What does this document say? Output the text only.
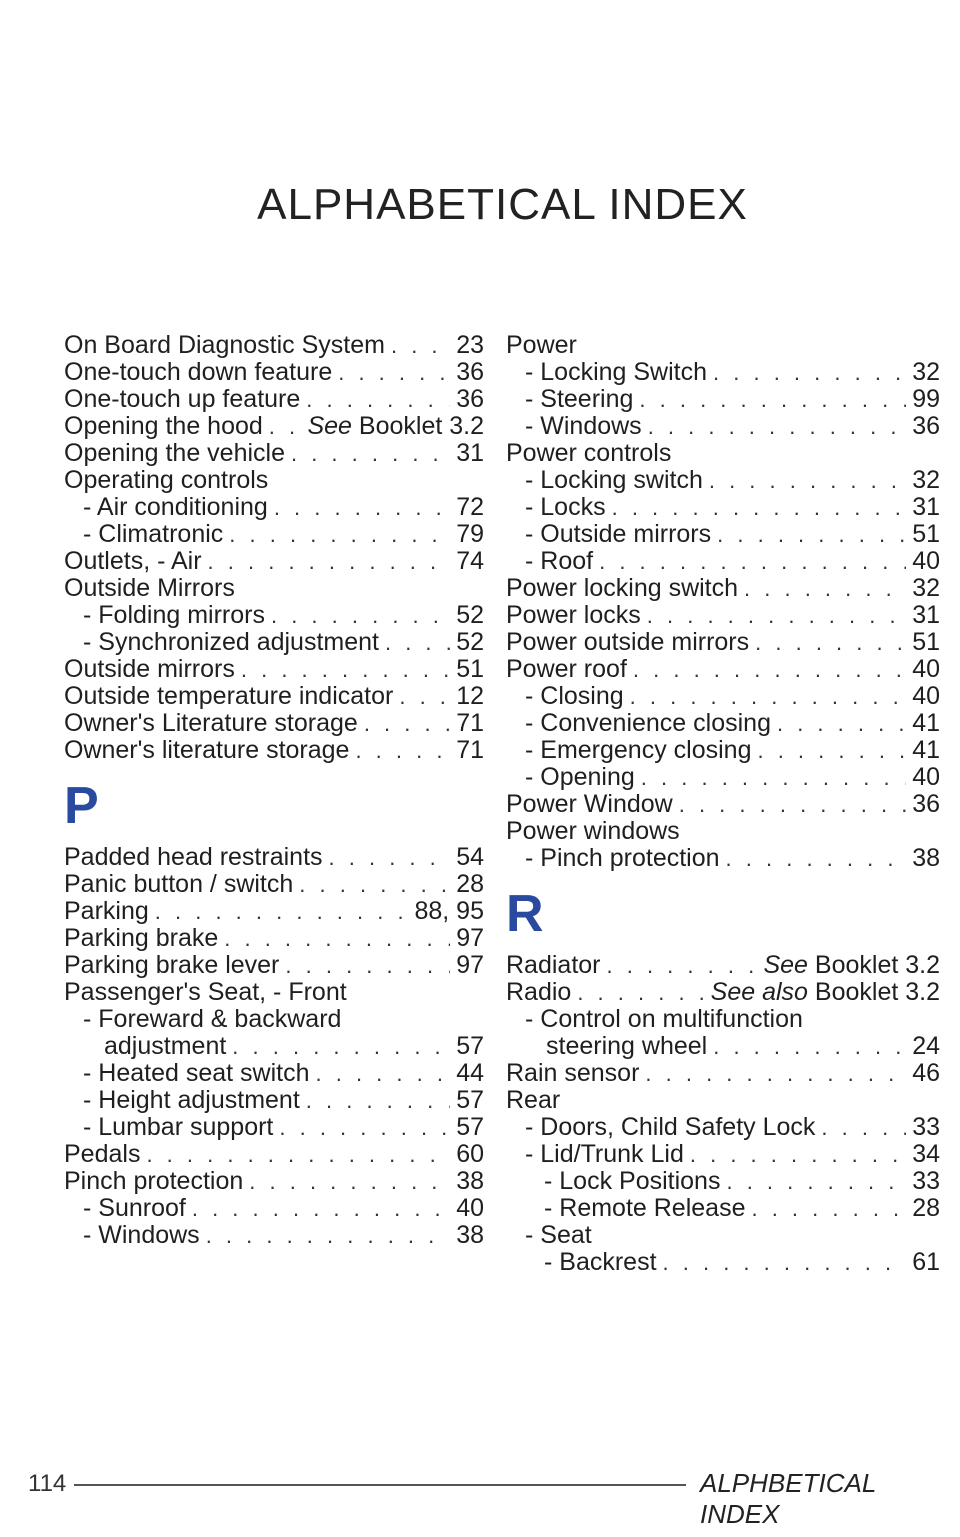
ALPHABETICAL INDEX
On Board Diagnostic System . . .	23
One-touch down feature . . .	36
One-touch up feature . . .	36
Opening the hood . . . See Booklet 3.2
Opening the vehicle . . .	31
Operating controls
- Air conditioning . . .	72
- Climatronic . . .	79
Outlets, - Air . . .	74
Outside Mirrors
- Folding mirrors . . .	52
- Synchronized adjustment . . .	52
Outside mirrors . . .	51
Outside temperature indicator . . .	12
Owner's Literature storage . . .	71
Owner's literature storage . . .	71
P
Padded head restraints . . .	54
Panic button / switch . . .	28
Parking . . .	88, 95
Parking brake . . .	97
Parking brake lever . . .	97
Passenger's Seat, - Front
- Foreward & backward
adjustment . . .	57
- Heated seat switch . . .	44
- Height adjustment . . .	57
- Lumbar support . . .	57
Pedals . . .	60
Pinch protection . . .	38
- Sunroof . . .	40
- Windows . . .	38
Power
- Locking Switch . . .	32
- Steering . . .	99
- Windows . . .	36
Power controls
- Locking switch . . .	32
- Locks . . .	31
- Outside mirrors . . .	51
- Roof . . .	40
Power locking switch . . .	32
Power locks . . .	31
Power outside mirrors . . .	51
Power roof . . .	40
- Closing . . .	40
- Convenience closing . . .	41
- Emergency closing . . .	41
- Opening . . .	40
Power Window . . .	36
Power windows
- Pinch protection . . .	38
R
Radiator . . .	See Booklet 3.2
Radio . . .	See also Booklet 3.2
- Control on multifunction
steering wheel . . .	24
Rain sensor . . .	46
Rear
- Doors, Child Safety Lock . . .	33
- Lid/Trunk Lid . . .	34
- Lock Positions . . .	33
- Remote Release . . .	28
- Seat
- Backrest . . .	61
114	ALPHBETICAL INDEX
